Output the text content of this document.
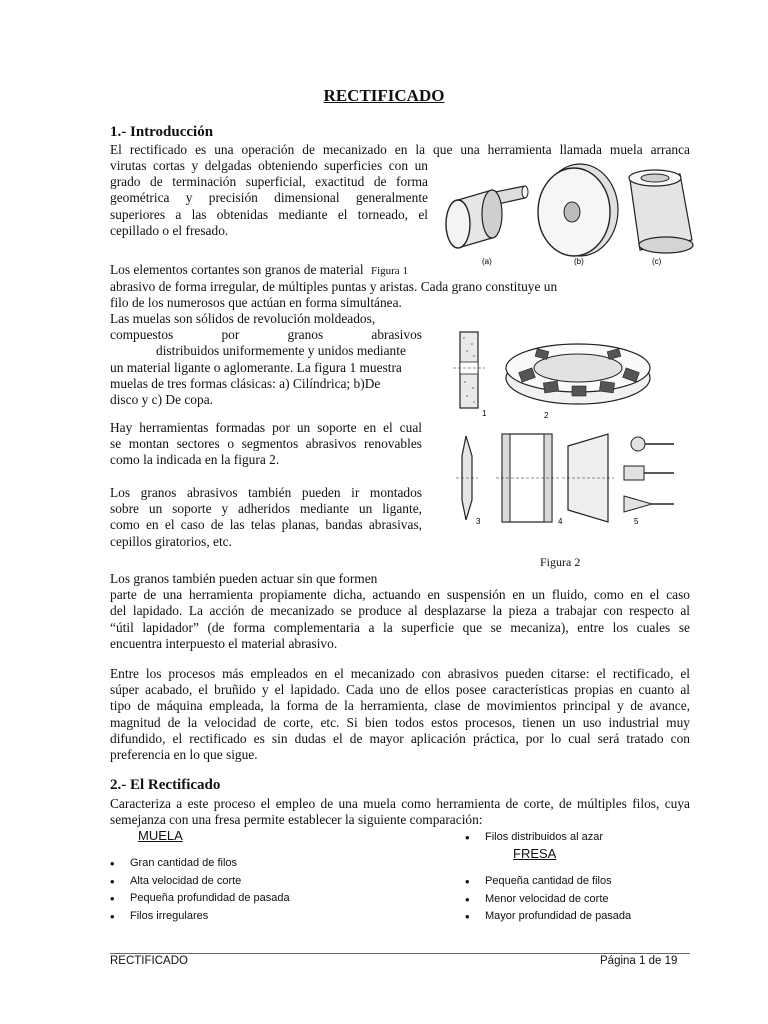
RECTIFICADO
1.- Introducción

El rectificado es una operación de mecanizado en la que una herramienta llamada muela arranca

virutas cortas y delgadas obteniendo superficies con un

grado de terminación superficial, exactitud de forma

geométrica y precisión dimensional generalmente

superiores a las obtenidas mediante el torneado, el

cepillado o el fresado.

(a)	(b)	(c)

Los elementos cortantes son granos de material Figura 1

abrasivo de forma irregular, de múltiples puntas y aristas. Cada grano constituye un

filo de los numerosos que actúan en forma simultánea.

Las muelas son sólidos de revolución moldeados,

compuestos por granos abrasivos

distribuidos uniformemente y unidos mediante

un material ligante o aglomerante. La figura 1 muestra

muelas de tres formas clásicas: a) Cilíndrica; b)De

disco y c) De copa.

Hay herramientas formadas por un soporte en el cual

se montan sectores o segmentos abrasivos renovables

como la indicada en la figura 2.

Los granos abrasivos también pueden ir montados

sobre un soporte y adheridos mediante un ligante,

como en el caso de las telas planas, bandas abrasivas,

cepillos giratorios, etc.

1	2
3	4	5
Figura 2

Los granos también pueden actuar sin que formen

parte de una herramienta propiamente dicha, actuando en suspensión en un fluido, como en el caso

del lapidado. La acción de mecanizado se produce al desplazarse la pieza a trabajar con respecto al

“útil lapidador” (de forma complementaria a la superficie que se mecaniza), entre los cuales se

encuentra interpuesto el material abrasivo.

Entre los procesos más empleados en el mecanizado con abrasivos pueden citarse: el rectificado, el

súper acabado, el bruñido y el lapidado. Cada uno de ellos posee características propias en cuanto al

tipo de máquina empleada, la forma de la herramienta, clase de movimientos principal y de avance,

magnitud de la velocidad de corte, etc. Si bien todos estos procesos, tienen un uso industrial muy

difundido, el rectificado es sin dudas el de mayor aplicación práctica, por lo cual será tratado con

preferencia en lo que sigue.

2.- El Rectificado

Caracteriza a este proceso el empleo de una muela como herramienta de corte, de múltiples filos, cuya

semejanza con una fresa permite establecer la siguiente comparación:

MUELA
• Gran cantidad de filos
• Alta velocidad de corte
• Pequeña profundidad de pasada
• Filos irregulares
• Filos distribuidos al azar
FRESA
• Pequeña cantidad de filos
• Menor velocidad de corte
• Mayor profundidad de pasada
RECTIFICADO	Página 1 de 19
